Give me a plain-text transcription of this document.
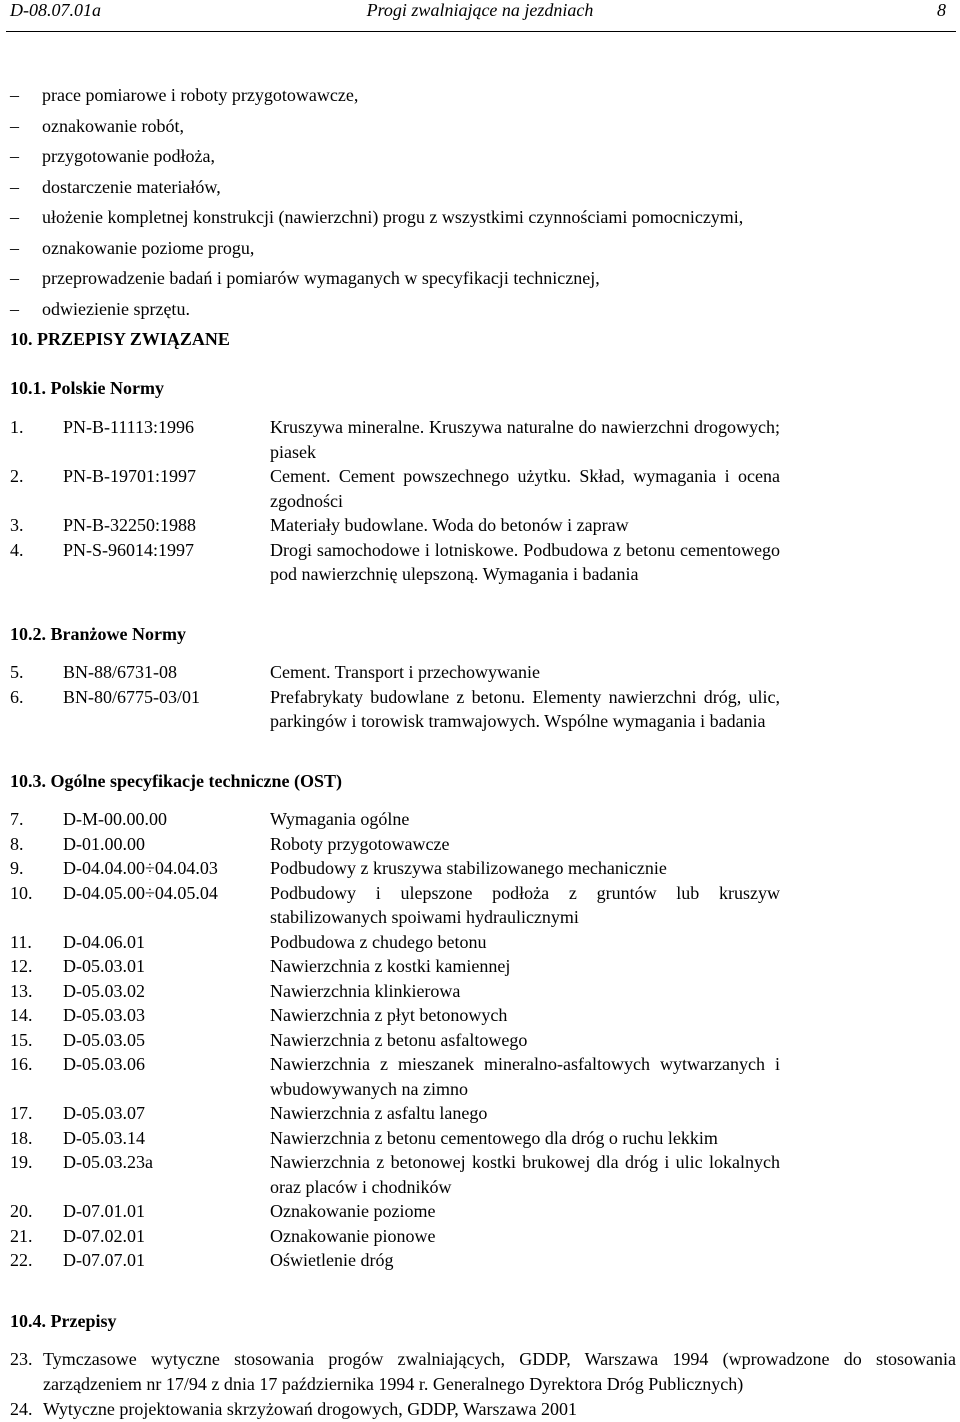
D-08.07.01a	Progi zwalniające na jezdniach	8
– prace pomiarowe i roboty przygotowawcze,
– oznakowanie robót,
– przygotowanie podłoża,
– dostarczenie materiałów,
– ułożenie kompletnej konstrukcji (nawierzchni) progu z wszystkimi czynnościami pomocniczymi,
– oznakowanie poziome progu,
– przeprowadzenie badań i pomiarów wymaganych w specyfikacji technicznej,
– odwiezienie sprzętu.
10. PRZEPISY ZWIĄZANE
10.1. Polskie Normy
1.	PN-B-11113:1996	Kruszywa mineralne. Kruszywa naturalne do nawierzchni drogowych; piasek
2.	PN-B-19701:1997	Cement. Cement powszechnego użytku. Skład, wymagania i ocena zgodności
3.	PN-B-32250:1988	Materiały budowlane. Woda do betonów i zapraw
4.	PN-S-96014:1997	Drogi samochodowe i lotniskowe. Podbudowa z betonu cementowego pod nawierzchnię ulepszoną. Wymagania i badania
10.2. Branżowe Normy
5.	BN-88/6731-08	Cement. Transport i przechowywanie
6.	BN-80/6775-03/01	Prefabrykaty budowlane z betonu. Elementy nawierzchni dróg, ulic, parkingów i torowisk tramwajowych. Wspólne wymagania i badania
10.3. Ogólne specyfikacje techniczne (OST)
7.	D-M-00.00.00	Wymagania ogólne
8.	D-01.00.00	Roboty przygotowawcze
9.	D-04.04.00÷04.04.03	Podbudowy z kruszywa stabilizowanego mechanicznie
10.	D-04.05.00÷04.05.04	Podbudowy i ulepszone podłoża z gruntów lub kruszyw stabilizowanych spoiwami hydraulicznymi
11.	D-04.06.01	Podbudowa z chudego betonu
12.	D-05.03.01	Nawierzchnia z kostki kamiennej
13.	D-05.03.02	Nawierzchnia klinkierowa
14.	D-05.03.03	Nawierzchnia z płyt betonowych
15.	D-05.03.05	Nawierzchnia z betonu asfaltowego
16.	D-05.03.06	Nawierzchnia z mieszanek mineralno-asfaltowych wytwarzanych i wbudowywanych na zimno
17.	D-05.03.07	Nawierzchnia z asfaltu lanego
18.	D-05.03.14	Nawierzchnia z betonu cementowego dla dróg o ruchu lekkim
19.	D-05.03.23a	Nawierzchnia z betonowej kostki brukowej dla dróg i ulic lokalnych oraz placów i chodników
20.	D-07.01.01	Oznakowanie poziome
21.	D-07.02.01	Oznakowanie pionowe
22.	D-07.07.01	Oświetlenie dróg
10.4. Przepisy
23. Tymczasowe wytyczne stosowania progów zwalniających, GDDP, Warszawa 1994 (wprowadzone do stosowania zarządzeniem nr 17/94 z dnia 17 października 1994 r. Generalnego Dyrektora Dróg Publicznych)
24. Wytyczne projektowania skrzyżowań drogowych, GDDP, Warszawa 2001
